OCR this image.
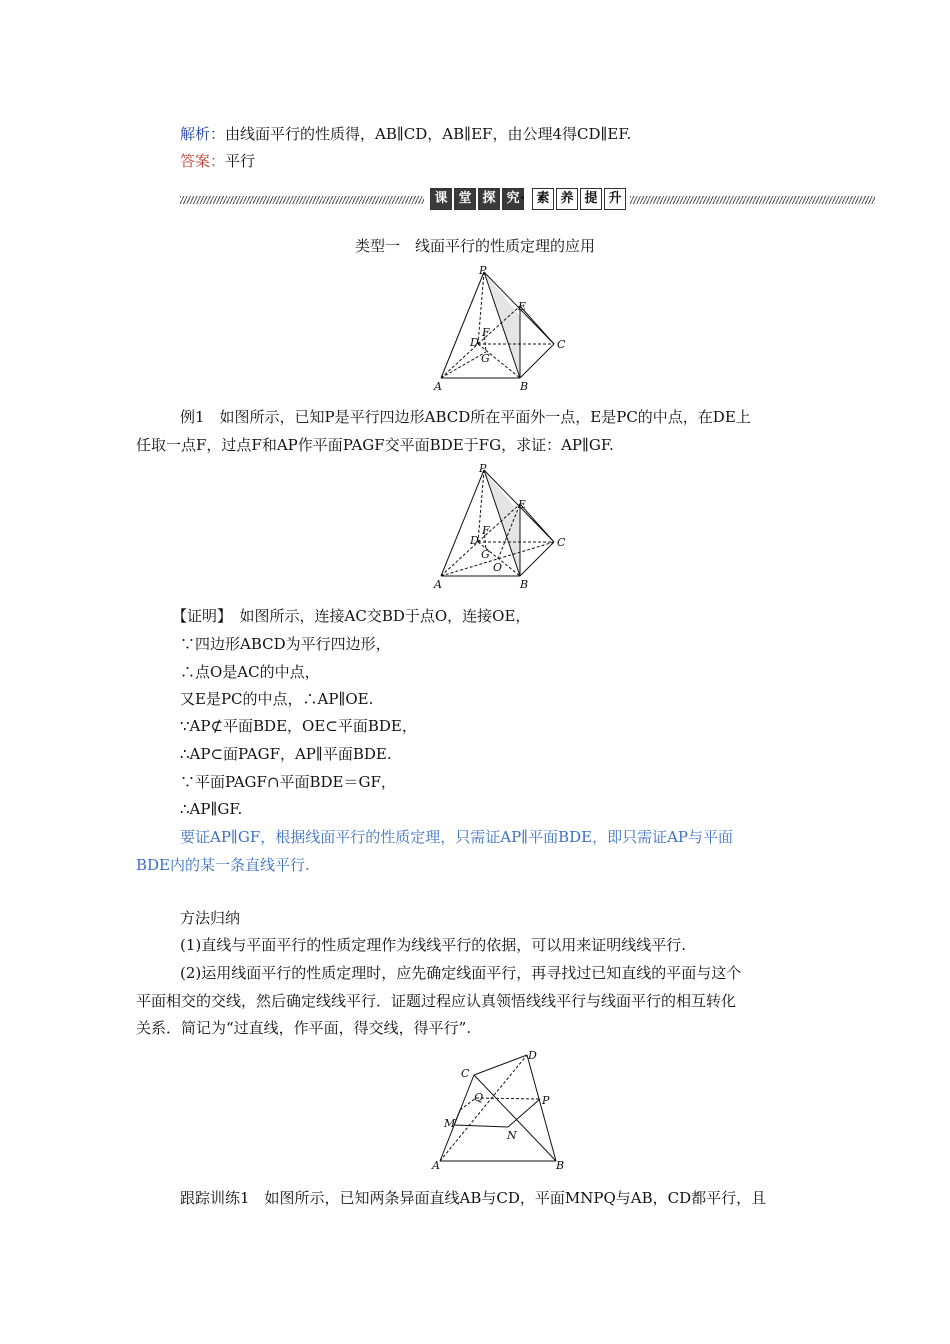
解析：由线面平行的性质得，AB∥CD，AB∥EF，由公理4得CD∥EF.
答案：平行
课 堂 探 究 · 素 养 提 升
类型一　线面平行的性质定理的应用
P
E
F
D
G
C
A	B
例1　如图所示，已知P是平行四边形ABCD所在平面外一点，E是PC的中点，在DE上
任取一点F，过点F和AP作平面PAGF交平面BDE于FG，求证：AP∥GF.
P
E
F
D
G
C
O
A	B
【证明】　如图所示，连接AC交BD于点O，连接OE，
∵四边形ABCD为平行四边形，
∴点O是AC的中点，
又E是PC的中点，∴AP∥OE.
∵AP⊄平面BDE，OE⊂平面BDE，
∴AP⊂面PAGF，AP∥平面BDE.
∵平面PAGF∩平面BDE＝GF，
∴AP∥GF.
要证AP∥GF，根据线面平行的性质定理，只需证AP∥平面BDE，即只需证AP与平面
BDE内的某一条直线平行.
方法归纳
(1)直线与平面平行的性质定理作为线线平行的依据，可以用来证明线线平行.
(2)运用线面平行的性质定理时，应先确定线面平行，再寻找过已知直线的平面与这个
平面相交的交线，然后确定线线平行．证题过程应认真领悟线线平行与线面平行的相互转化
关系．简记为“过直线，作平面，得交线，得平行”.
D
C
Q	P
M
N
A	B
跟踪训练1　如图所示，已知两条异面直线AB与CD，平面MNPQ与AB，CD都平行，且
